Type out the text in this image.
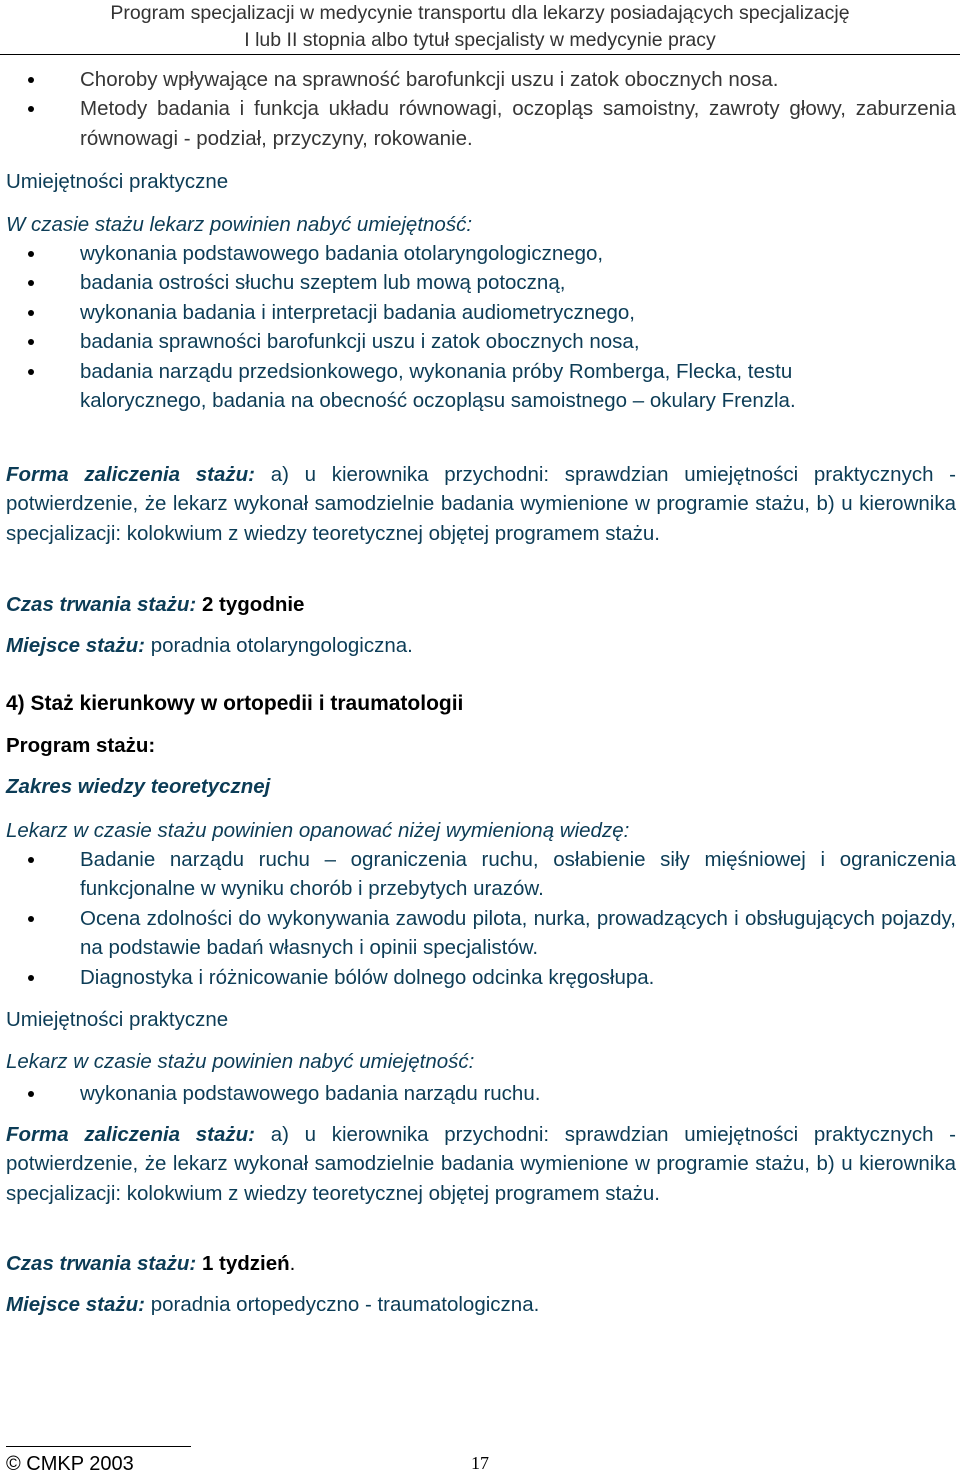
Program specjalizacji w medycynie transportu dla lekarzy posiadających specjalizację
I lub II stopnia albo tytuł specjalisty w medycynie pracy
Choroby wpływające na sprawność barofunkcji uszu i zatok obocznych nosa.
Metody badania i funkcja układu równowagi, oczopląs samoistny, zawroty głowy, zaburzenia równowagi - podział, przyczyny, rokowanie.
Umiejętności praktyczne
W czasie stażu lekarz powinien nabyć umiejętność:
wykonania podstawowego badania otolaryngologicznego,
badania ostrości słuchu szeptem lub mową potoczną,
wykonania badania i interpretacji badania audiometrycznego,
badania sprawności barofunkcji uszu i zatok obocznych nosa,
badania narządu przedsionkowego, wykonania próby Romberga, Flecka, testu kalorycznego, badania na obecność oczopląsu samoistnego – okulary Frenzla.
Forma zaliczenia stażu: a) u kierownika przychodni: sprawdzian umiejętności praktycznych - potwierdzenie, że lekarz wykonał samodzielnie badania wymienione w programie stażu, b) u kierownika specjalizacji: kolokwium z wiedzy teoretycznej objętej programem stażu.
Czas trwania stażu: 2 tygodnie
Miejsce stażu: poradnia otolaryngologiczna.
4) Staż kierunkowy w ortopedii i traumatologii
Program stażu:
Zakres wiedzy teoretycznej
Lekarz w czasie stażu powinien opanować niżej wymienioną wiedzę:
Badanie narządu ruchu – ograniczenia ruchu, osłabienie siły mięśniowej i ograniczenia funkcjonalne w wyniku chorób i przebytych urazów.
Ocena zdolności do wykonywania zawodu pilota, nurka, prowadzących i obsługujących pojazdy, na podstawie badań własnych i opinii specjalistów.
Diagnostyka i różnicowanie bólów dolnego odcinka kręgosłupa.
Umiejętności praktyczne
Lekarz w czasie stażu powinien nabyć umiejętność:
wykonania podstawowego badania narządu ruchu.
Forma zaliczenia stażu: a) u kierownika przychodni: sprawdzian umiejętności praktycznych - potwierdzenie, że lekarz wykonał samodzielnie badania wymienione w programie stażu, b) u kierownika specjalizacji: kolokwium z wiedzy teoretycznej objętej programem stażu.
Czas trwania stażu: 1 tydzień.
Miejsce stażu: poradnia ortopedyczno - traumatologiczna.
© CMKP 2003	17
